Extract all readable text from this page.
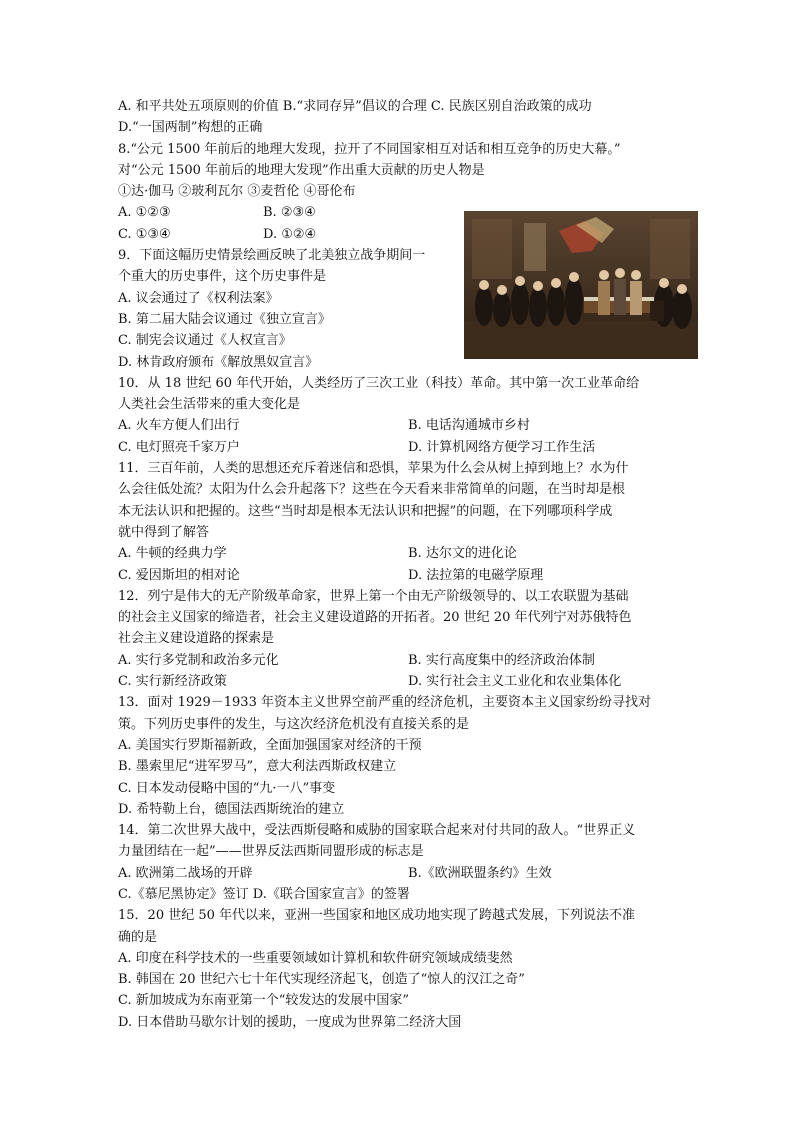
A. 和平共处五项原则的价值 B.“求同存异”倡议的合理 C. 民族区别自治政策的成功
D.“一国两制”构想的正确
8.“公元 1500 年前后的地理大发现，拉开了不同国家相互对话和相互竞争的历史大幕。”
对“公元 1500 年前后的地理大发现”作出重大贡献的历史人物是
①达·伽马 ②玻利瓦尔 ③麦哲伦 ④哥伦布
A. ①②③	B. ②③④
C. ①③④	D. ①②④
9．下面这幅历史情景绘画反映了北美独立战争期间一
个重大的历史事件，这个历史事件是
A. 议会通过了《权利法案》
B. 第二届大陆会议通过《独立宣言》
C. 制宪会议通过《人权宣言》
D. 林肯政府颁布《解放黑奴宣言》
10．从 18 世纪 60 年代开始，人类经历了三次工业（科技）革命。其中第一次工业革命给
人类社会生活带来的重大变化是
A. 火车方便人们出行	B. 电话沟通城市乡村
C. 电灯照亮千家万户	D. 计算机网络方便学习工作生活
11．三百年前，人类的思想还充斥着迷信和恐惧，苹果为什么会从树上掉到地上？水为什
么会往低处流？太阳为什么会升起落下？这些在今天看来非常简单的问题，在当时却是根
本无法认识和把握的。这些“当时却是根本无法认识和把握”的问题，在下列哪项科学成
就中得到了解答
A. 牛顿的经典力学	B. 达尔文的进化论
C. 爱因斯坦的相对论	D. 法拉第的电磁学原理
12．列宁是伟大的无产阶级革命家，世界上第一个由无产阶级领导的、以工农联盟为基础
的社会主义国家的缔造者，社会主义建设道路的开拓者。20 世纪 20 年代列宁对苏俄特色
社会主义建设道路的探索是
A. 实行多党制和政治多元化	B. 实行高度集中的经济政治体制
C. 实行新经济政策	D. 实行社会主义工业化和农业集体化
13．面对 1929－1933 年资本主义世界空前严重的经济危机，主要资本主义国家纷纷寻找对
策。下列历史事件的发生，与这次经济危机没有直接关系的是
A. 美国实行罗斯福新政，全面加强国家对经济的干预
B. 墨索里尼“进军罗马”，意大利法西斯政权建立
C. 日本发动侵略中国的“九·一八”事变
D. 希特勒上台，德国法西斯统治的建立
14．第二次世界大战中，受法西斯侵略和威胁的国家联合起来对付共同的敌人。“世界正义
力量团结在一起”——世界反法西斯同盟形成的标志是
A. 欧洲第二战场的开辟	B.《欧洲联盟条约》生效
C.《慕尼黑协定》签订 D.《联合国家宣言》的签署
15．20 世纪 50 年代以来，亚洲一些国家和地区成功地实现了跨越式发展，下列说法不准
确的是
A. 印度在科学技术的一些重要领域如计算机和软件研究领域成绩斐然
B. 韩国在 20 世纪六七十年代实现经济起飞，创造了“惊人的汉江之奇”
C. 新加坡成为东南亚第一个“较发达的发展中国家”
D. 日本借助马歇尔计划的援助，一度成为世界第二经济大国
